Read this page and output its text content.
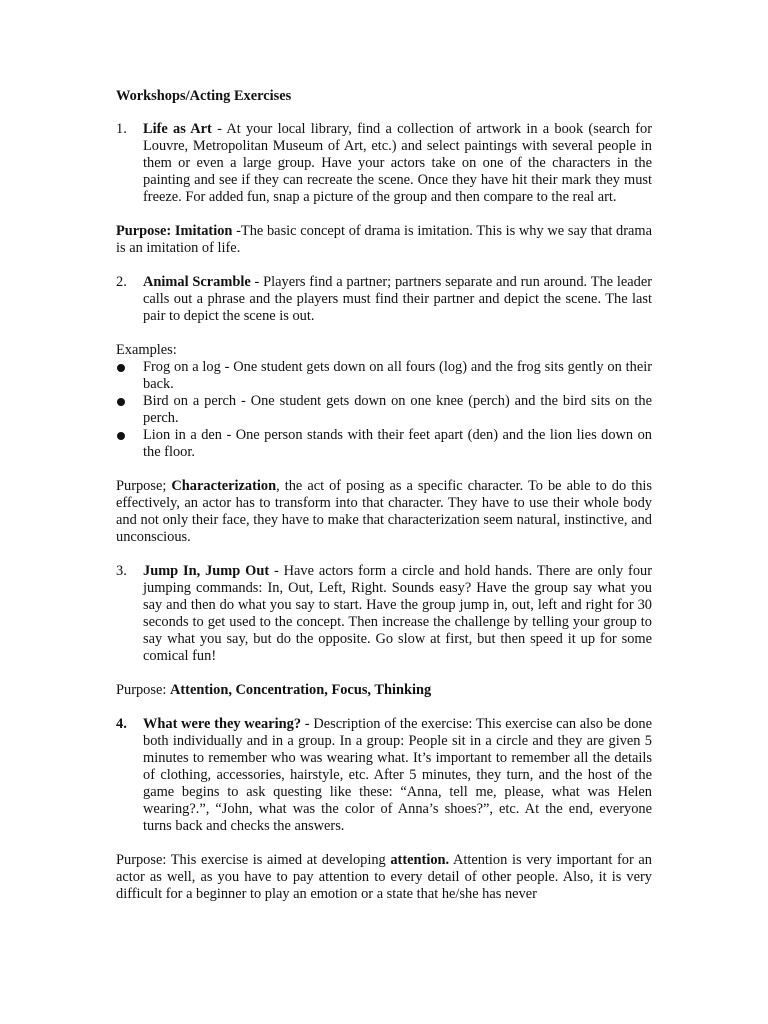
Workshops/Acting Exercises
1. Life as Art - At your local library, find a collection of artwork in a book (search for Louvre, Metropolitan Museum of Art, etc.) and select paintings with several people in them or even a large group. Have your actors take on one of the characters in the painting and see if they can recreate the scene. Once they have hit their mark they must freeze. For added fun, snap a picture of the group and then compare to the real art.

Purpose: Imitation -The basic concept of drama is imitation. This is why we say that drama is an imitation of life.

2. Animal Scramble - Players find a partner; partners separate and run around. The leader calls out a phrase and the players must find their partner and depict the scene. The last pair to depict the scene is out.

Examples:

Frog on a log - One student gets down on all fours (log) and the frog sits gently on their back.
Bird on a perch - One student gets down on one knee (perch) and the bird sits on the perch.
Lion in a den - One person stands with their feet apart (den) and the lion lies down on the floor.

Purpose; Characterization, the act of posing as a specific character. To be able to do this effectively, an actor has to transform into that character. They have to use their whole body and not only their face, they have to make that characterization seem natural, instinctive, and unconscious.

3. Jump In, Jump Out - Have actors form a circle and hold hands. There are only four jumping commands: In, Out, Left, Right. Sounds easy? Have the group say what you say and then do what you say to start. Have the group jump in, out, left and right for 30 seconds to get used to the concept. Then increase the challenge by telling your group to say what you say, but do the opposite. Go slow at first, but then speed it up for some comical fun!

Purpose: Attention, Concentration, Focus, Thinking

4. What were they wearing? - Description of the exercise: This exercise can also be done both individually and in a group. In a group: People sit in a circle and they are given 5 minutes to remember who was wearing what. It’s important to remember all the details of clothing, accessories, hairstyle, etc. After 5 minutes, they turn, and the host of the game begins to ask questing like these: “Anna, tell me, please, what was Helen wearing?.”, “John, what was the color of Anna’s shoes?”, etc. At the end, everyone turns back and checks the answers.

Purpose: This exercise is aimed at developing attention. Attention is very important for an actor as well, as you have to pay attention to every detail of other people. Also, it is very difficult for a beginner to play an emotion or a state that he/she has never
